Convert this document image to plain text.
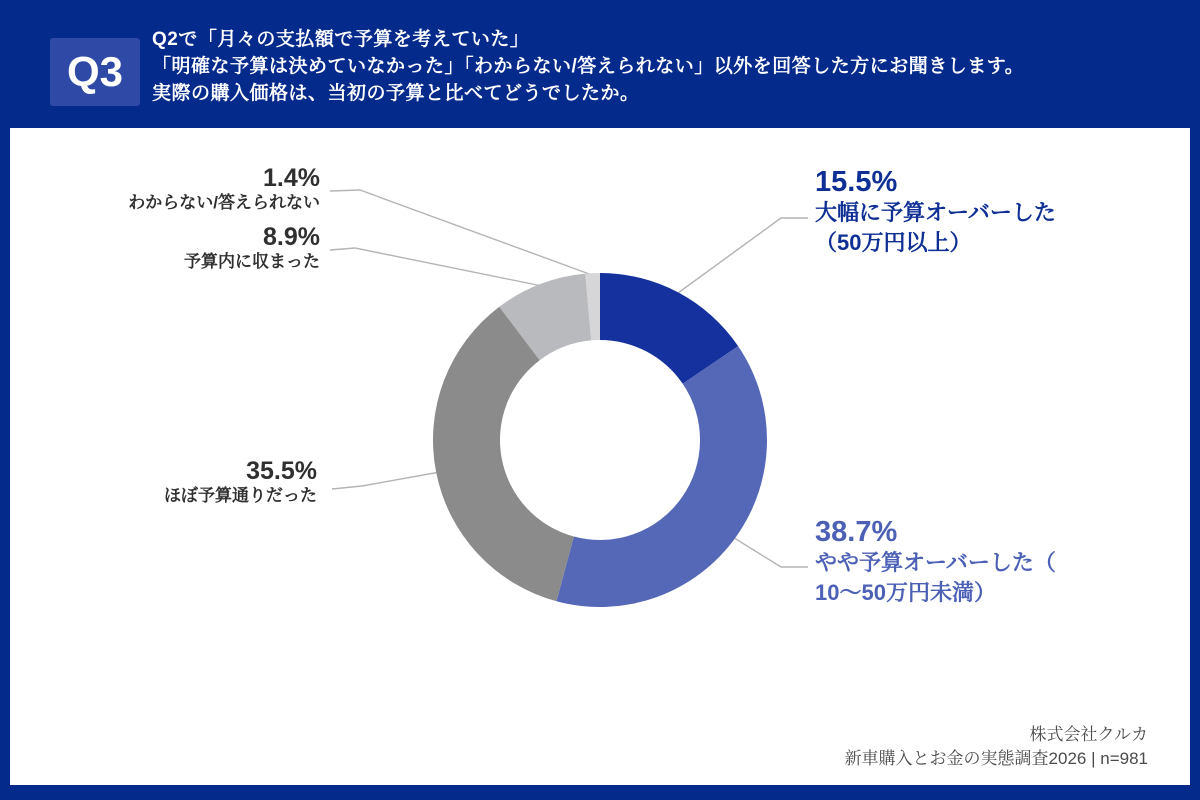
Q3
Q2で「月々の支払額で予算を考えていた」
「明確な予算は決めていなかった」「わからない/答えられない」以外を回答した方にお聞きします。
実際の購入価格は、当初の予算と比べてどうでしたか。
1.4%
わからない/答えられない
8.9%
予算内に収まった
35.5%
ほぼ予算通りだった
15.5%
大幅に予算オーバーした
（50万円以上）
38.7%
やや予算オーバーした（
10〜50万円未満）
株式会社クルカ
新車購入とお金の実態調査2026 | n=981
